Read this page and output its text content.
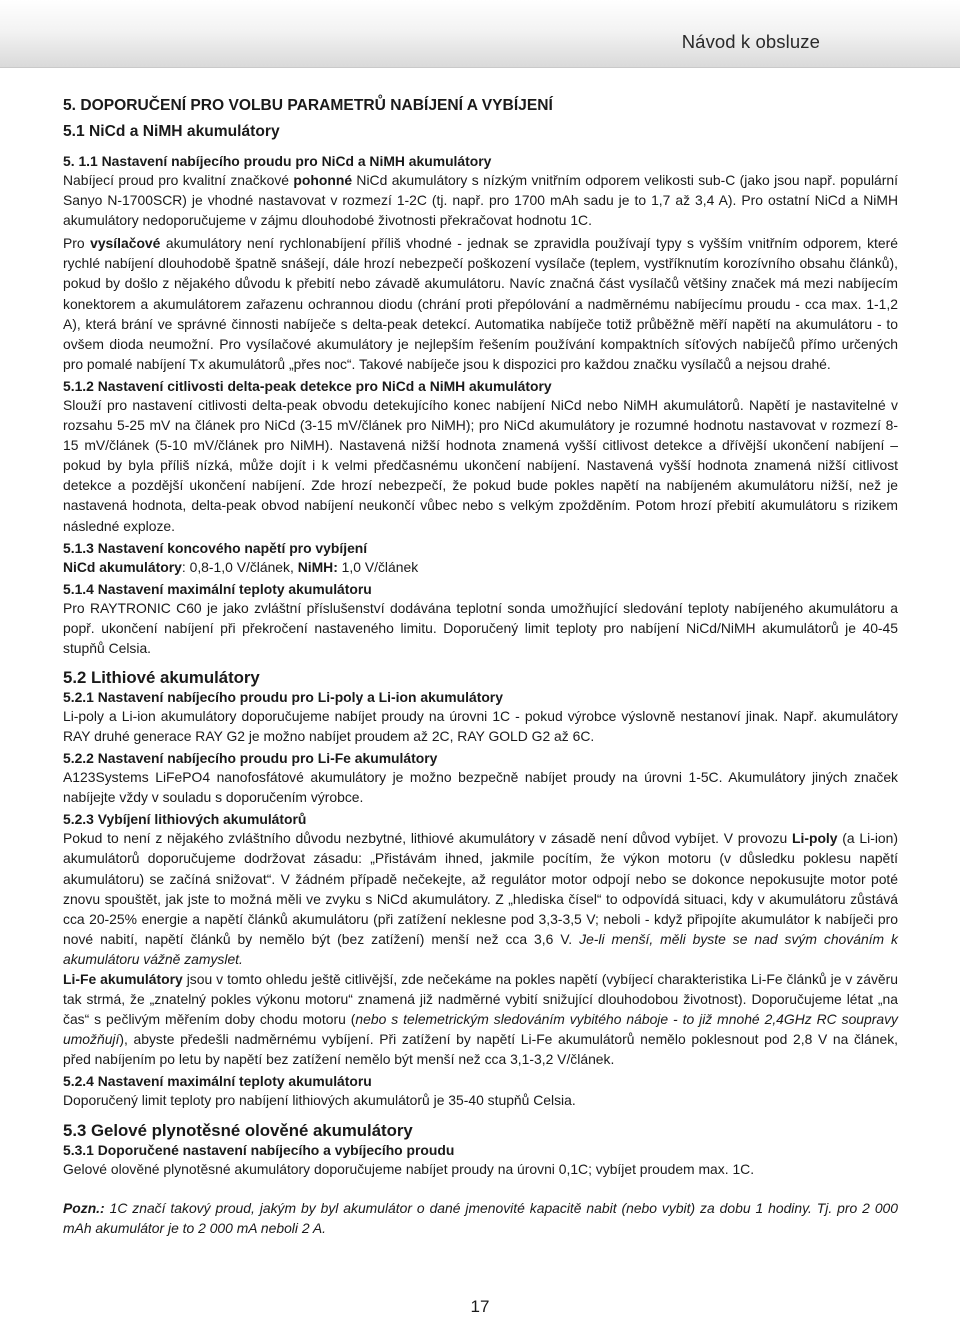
Návod k obsluze
5. DOPORUČENÍ PRO VOLBU PARAMETRŮ NABÍJENÍ A VYBÍJENÍ
5.1 NiCd a NiMH akumulátory
5. 1.1 Nastavení nabíjecího proudu pro NiCd a NiMH akumulátory

Nabíjecí proud pro kvalitní značkové pohonné NiCd akumulátory s nízkým vnitřním odporem velikosti sub-C (jako jsou např. populární Sanyo N-1700SCR) je vhodné nastavovat v rozmezí 1-2C (tj. např. pro 1700 mAh sadu je to 1,7 až 3,4 A). Pro ostatní NiCd a NiMH akumulátory nedoporučujeme v zájmu dlouhodobé životnosti překračovat hodnotu 1C.

Pro vysílačové akumulátory není rychlonabíjení příliš vhodné - jednak se zpravidla používají typy s vyšším vnitřním odporem, které rychlé nabíjení dlouhodobě špatně snášejí, dále hrozí nebezpečí poškození vysílače (teplem, vystříknutím korozívního obsahu článků), pokud by došlo z nějakého důvodu k přebití nebo závadě akumulátoru. Navíc značná část vysílačů většiny značek má mezi nabíjecím konektorem a akumulátorem zařazenu ochrannou diodu (chrání proti přepólování a nadměrnému nabíjecímu proudu - cca max. 1-1,2 A), která brání ve správné činnosti nabíječe s delta-peak detekcí. Automatika nabíječe totiž průběžně měří napětí na akumulátoru - to ovšem dioda neumožní. Pro vysílačové akumulátory je nejlepším řešením používání kompaktních síťových nabíječů přímo určených pro pomalé nabíjení Tx akumulátorů „přes noc“. Takové nabíječe jsou k dispozici pro každou značku vysílačů a nejsou drahé.

5.1.2 Nastavení citlivosti delta-peak detekce pro NiCd a NiMH akumulátory

Slouží pro nastavení citlivosti delta-peak obvodu detekujícího konec nabíjení NiCd nebo NiMH akumulátorů. Napětí je nastavitelné v rozsahu 5-25 mV na článek pro NiCd (3-15 mV/článek pro NiMH); pro NiCd akumulátory je rozumné hodnotu nastavovat v rozmezí 8-15 mV/článek (5-10 mV/článek pro NiMH). Nastavená nižší hodnota znamená vyšší citlivost detekce a dřívější ukončení nabíjení – pokud by byla příliš nízká, může dojít i k velmi předčasnému ukončení nabíjení. Nastavená vyšší hodnota znamená nižší citlivost detekce a pozdější ukončení nabíjení. Zde hrozí nebezpečí, že pokud bude pokles napětí na nabíjeném akumulátoru nižší, než je nastavená hodnota, delta-peak obvod nabíjení neukončí vůbec nebo s velkým zpožděním. Potom hrozí přebití akumulátoru s rizikem následné exploze.

5.1.3 Nastavení koncového napětí pro vybíjení

NiCd akumulátory: 0,8-1,0 V/článek, NiMH: 1,0 V/článek

5.1.4 Nastavení maximální teploty akumulátoru

Pro RAYTRONIC C60 je jako zvláštní příslušenství dodávána teplotní sonda umožňující sledování teploty nabíjeného akumulátoru a popř. ukončení nabíjení při překročení nastaveného limitu. Doporučený limit teploty pro nabíjení NiCd/NiMH akumulátorů je 40-45 stupňů Celsia.

5.2 Lithiové akumulátory
5.2.1 Nastavení nabíjecího proudu pro Li-poly a Li-ion akumulátory

Li-poly a Li-ion akumulátory doporučujeme nabíjet proudy na úrovni 1C - pokud výrobce výslovně nestanoví jinak. Např. akumulátory RAY druhé generace RAY G2 je možno nabíjet proudem až 2C, RAY GOLD G2 až 6C.

5.2.2 Nastavení nabíjecího proudu pro Li-Fe akumulátory

A123Systems LiFePO4 nanofosfátové akumulátory je možno bezpečně nabíjet proudy na úrovni 1-5C. Akumulátory jiných značek nabíjejte vždy v souladu s doporučením výrobce.

5.2.3 Vybíjení lithiových akumulátorů

Pokud to není z nějakého zvláštního důvodu nezbytné, lithiové akumulátory v zásadě není důvod vybíjet. V provozu Li-poly (a Li-ion) akumulátorů doporučujeme dodržovat zásadu: „Přistávám ihned, jakmile pocítím, že výkon motoru (v důsledku poklesu napětí akumulátoru) se začíná snižovat“. V žádném případě nečekejte, až regulátor motor odpojí nebo se dokonce nepokusujte motor poté znovu spouštět, jak jste to možná měli ve zvyku s NiCd akumulátory. Z „hlediska čísel“ to odpovídá situaci, kdy v akumulátoru zůstává cca 20-25% energie a napětí článků akumulátoru (při zatížení neklesne pod 3,3-3,5 V; neboli - když připojíte akumulátor k nabíječi pro nové nabití, napětí článků by nemělo být (bez zatížení) menší než cca 3,6 V. Je-li menší, měli byste se nad svým chováním k akumulátoru vážně zamyslet.

Li-Fe akumulátory jsou v tomto ohledu ještě citlivější, zde nečekáme na pokles napětí (vybíjecí charakteristika Li-Fe článků je v závěru tak strmá, že „znatelný pokles výkonu motoru“ znamená již nadměrné vybití snižující dlouhodobou životnost). Doporučujeme létat „na čas“ s pečlivým měřením doby chodu motoru (nebo s telemetrickým sledováním vybitého náboje - to již mnohé 2,4GHz RC soupravy umožňují), abyste předešli nadměrnému vybíjení. Při zatížení by napětí Li-Fe akumulátorů nemělo poklesnout pod 2,8 V na článek, před nabíjením po letu by napětí bez zatížení nemělo být menší než cca 3,1-3,2 V/článek.

5.2.4 Nastavení maximální teploty akumulátoru

Doporučený limit teploty pro nabíjení lithiových akumulátorů je 35-40 stupňů Celsia.

5.3 Gelové plynotěsné olověné akumulátory
5.3.1 Doporučené nastavení nabíjecího a vybíjecího proudu

Gelové olověné plynotěsné akumulátory doporučujeme nabíjet proudy na úrovni 0,1C; vybíjet proudem max. 1C.

Pozn.: 1C značí takový proud, jakým by byl akumulátor o dané jmenovité kapacitě nabit (nebo vybit) za dobu 1 hodiny. Tj. pro 2 000 mAh akumulátor je to 2 000 mA neboli 2 A.

17
